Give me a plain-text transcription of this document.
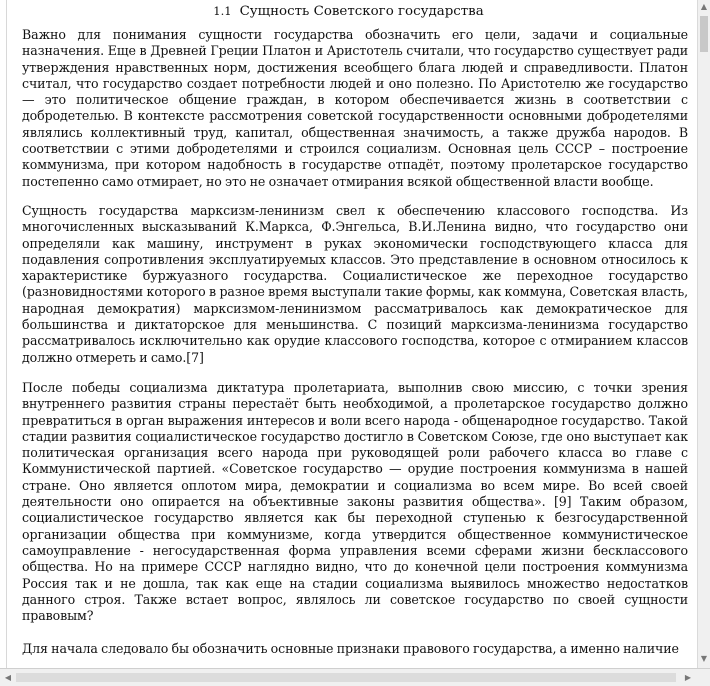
1.1 Сущность Советского государства

Важно для понимания сущности государства обозначить его цели, задачи и социальные назначения. Еще в Древней Греции Платон и Аристотель считали, что государство существует ради утверждения нравственных норм, достижения всеобщего блага людей и справедливости. Платон считал, что государство создает потребности людей и оно полезно. По Аристотелю же государство — это политическое общение граждан, в котором обеспечивается жизнь в соответствии с добродетелью. В контексте рассмотрения советской государственности основными добродетелями являлись коллективный труд, капитал, общественная значимость, а также дружба народов. В соответствии с этими добродетелями и строился социализм. Основная цель СССР – построение коммунизма, при котором надобность в государстве отпадёт, поэтому пролетарское государство постепенно само отмирает, но это не означает отмирания всякой общественной власти вообще.

Сущность государства марксизм-ленинизм свел к обеспечению классового господства. Из многочисленных высказываний К.Маркса, Ф.Энгельса, В.И.Ленина видно, что государство они определяли как машину, инструмент в руках экономически господствующего класса для подавления сопротивления эксплуатируемых классов. Это представление в основном относилось к характеристике буржуазного государства. Социалистическое же переходное государство (разновидностями которого в разное время выступали такие формы, как коммуна, Советская власть, народная демократия) марксизмом-ленинизмом рассматривалось как демократическое для большинства и диктаторское для меньшинства. С позиций марксизма-ленинизма государство рассматривалось исключительно как орудие классового господства, которое с отмиранием классов должно отмереть и само.[7]

После победы социализма диктатура пролетариата, выполнив свою миссию, с точки зрения внутреннего развития страны перестаёт быть необходимой, а пролетарское государство должно превратиться в орган выражения интересов и воли всего народа - общенародное государство. Такой стадии развития социалистическое государство достигло в Советском Союзе, где оно выступает как политическая организация всего народа при руководящей роли рабочего класса во главе с Коммунистической партией. «Советское государство — орудие построения коммунизма в нашей стране. Оно является оплотом мира, демократии и социализма во всем мире. Во всей своей деятельности оно опирается на объективные законы развития общества». [9] Таким образом, социалистическое государство является как бы переходной ступенью к безгосударственной организации общества при коммунизме, когда утвердится общественное коммунистическое самоуправление - негосударственная форма управления всеми сферами жизни бесклассового общества. Но на примере СССР наглядно видно, что до конечной цели построения коммунизма Россия так и не дошла, так как еще на стадии социализма выявилось множество недостатков данного строя. Также встает вопрос, являлось ли советское государство по своей сущности правовым?

Для начала следовало бы обозначить основные признаки правового государства, а именно наличие

▲
▼
◀	▶
